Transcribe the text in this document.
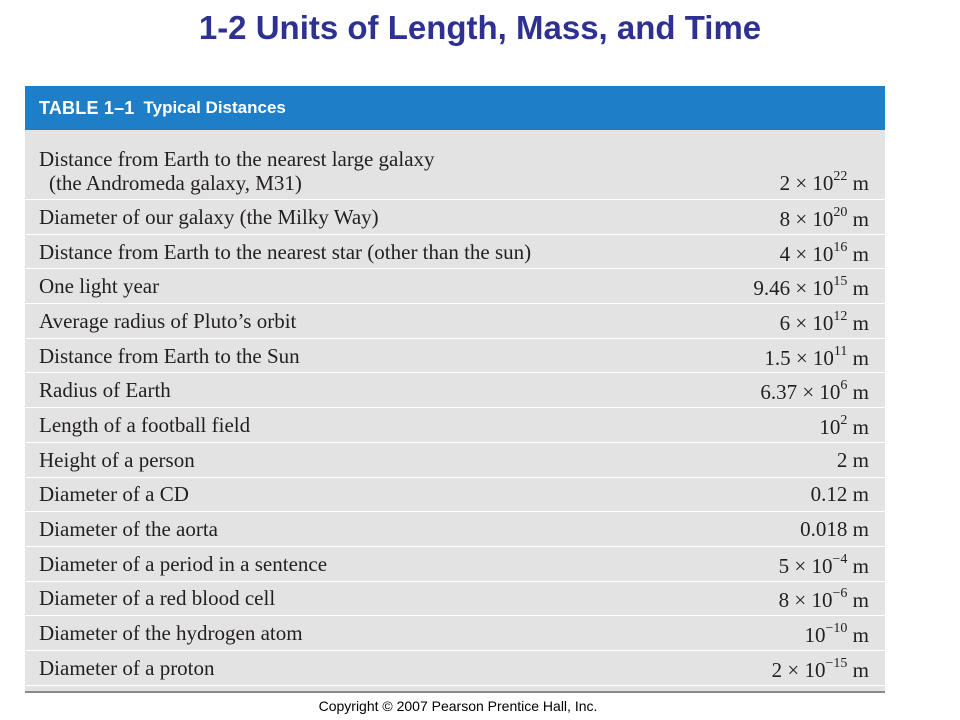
1-2 Units of Length, Mass, and Time
TABLE 1–1 Typical Distances
Distance from Earth to the nearest large galaxy
(the Andromeda galaxy, M31)	$2 \times 10^{22}$ m
Diameter of our galaxy (the Milky Way)	$8 \times 10^{20}$ m
Distance from Earth to the nearest star (other than the sun)	$4 \times 10^{16}$ m
One light year	$9.46 \times 10^{15}$ m
Average radius of Pluto’s orbit	$6 \times 10^{12}$ m
Distance from Earth to the Sun	$1.5 \times 10^{11}$ m
Radius of Earth	$6.37 \times 10^6$ m
Length of a football field	$10^2$ m
Height of a person	2 m
Diameter of a CD	0.12 m
Diameter of the aorta	0.018 m
Diameter of a period in a sentence	$5 \times 10^{-4}$ m
Diameter of a red blood cell	$8 \times 10^{-6}$ m
Diameter of the hydrogen atom	$10^{-10}$ m
Diameter of a proton	$2 \times 10^{-15}$ m
Copyright © 2007 Pearson Prentice Hall, Inc.
